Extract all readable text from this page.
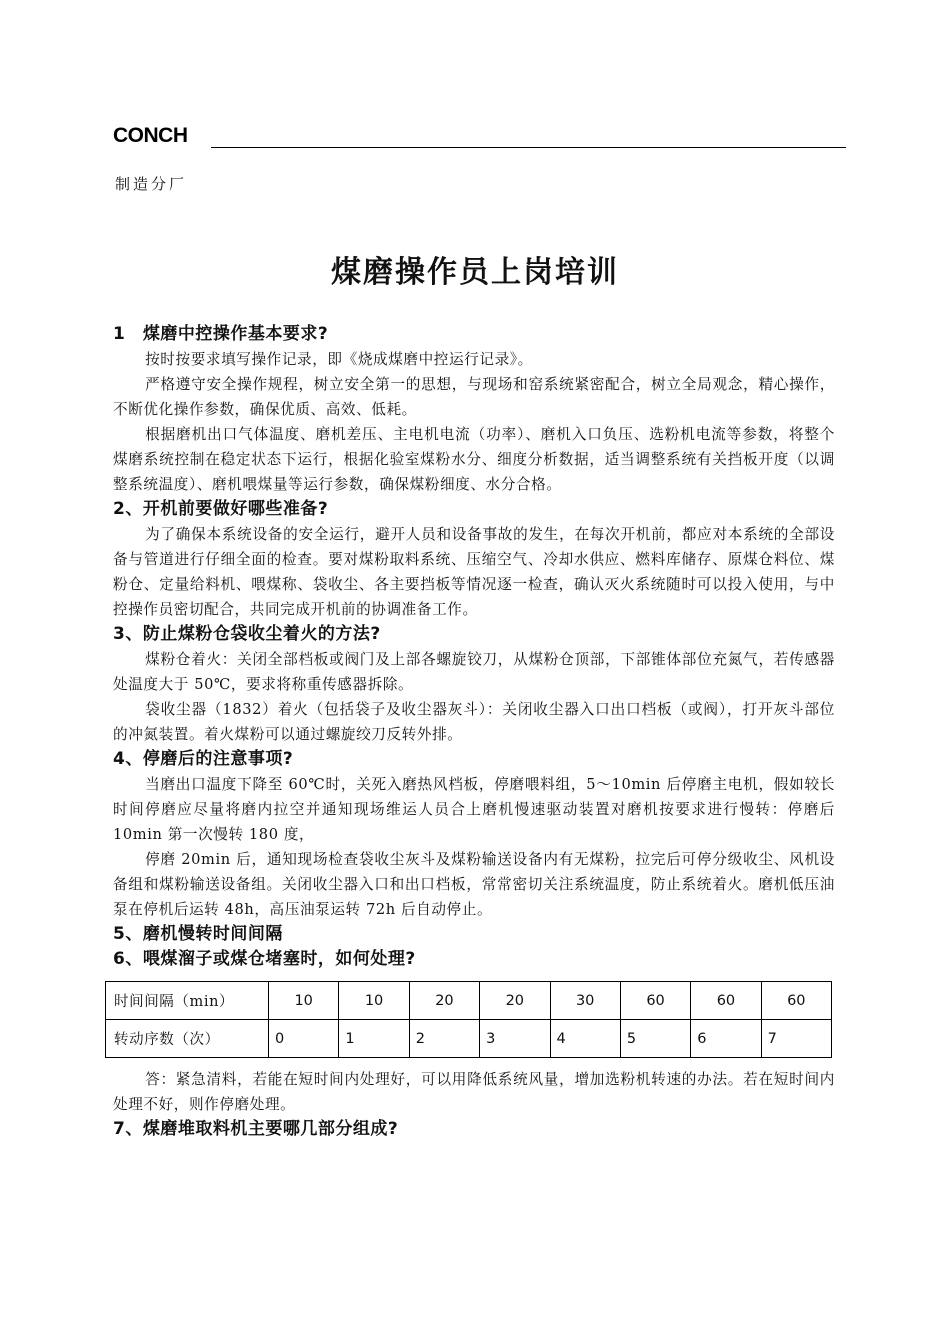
CONCH
制造分厂
煤磨操作员上岗培训

1　煤磨中控操作基本要求?

按时按要求填写操作记录，即《烧成煤磨中控运行记录》。

严格遵守安全操作规程，树立安全第一的思想，与现场和窑系统紧密配合，树立全局观念，精心操作，不断优化操作参数，确保优质、高效、低耗。

根据磨机出口气体温度、磨机差压、主电机电流（功率）、磨机入口负压、选粉机电流等参数，将整个煤磨系统控制在稳定状态下运行，根据化验室煤粉水分、细度分析数据，适当调整系统有关挡板开度（以调整系统温度）、磨机喂煤量等运行参数，确保煤粉细度、水分合格。

2、开机前要做好哪些准备?

为了确保本系统设备的安全运行，避开人员和设备事故的发生，在每次开机前，都应对本系统的全部设备与管道进行仔细全面的检查。要对煤粉取料系统、压缩空气、冷却水供应、燃料库储存、原煤仓料位、煤粉仓、定量给料机、喂煤称、袋收尘、各主要挡板等情况逐一检查，确认灭火系统随时可以投入使用，与中控操作员密切配合，共同完成开机前的协调准备工作。

3、防止煤粉仓袋收尘着火的方法?

煤粉仓着火：关闭全部档板或阀门及上部各螺旋铰刀，从煤粉仓顶部，下部锥体部位充氮气，若传感器处温度大于 50℃，要求将称重传感器拆除。

袋收尘器（1832）着火（包括袋子及收尘器灰斗）：关闭收尘器入口出口档板（或阀），打开灰斗部位的冲氮装置。着火煤粉可以通过螺旋绞刀反转外排。

4、停磨后的注意事项?

当磨出口温度下降至 60℃时，关死入磨热风档板，停磨喂料组，5～10min 后停磨主电机，假如较长时间停磨应尽量将磨内拉空并通知现场维运人员合上磨机慢速驱动装置对磨机按要求进行慢转：停磨后 10min 第一次慢转 180 度，

停磨 20min 后，通知现场检查袋收尘灰斗及煤粉输送设备内有无煤粉，拉完后可停分级收尘、风机设备组和煤粉输送设备组。关闭收尘器入口和出口档板，常常密切关注系统温度，防止系统着火。磨机低压油泵在停机后运转 48h，高压油泵运转 72h 后自动停止。

5、磨机慢转时间间隔

6、喂煤溜子或煤仓堵塞时，如何处理?

时间间隔（min）	10	10	20	20	30	60	60	60
转动序数（次）	0	1	2	3	4	5	6	7

答：紧急清料，若能在短时间内处理好，可以用降低系统风量，增加选粉机转速的办法。若在短时间内处理不好，则作停磨处理。

7、煤磨堆取料机主要哪几部分组成?
